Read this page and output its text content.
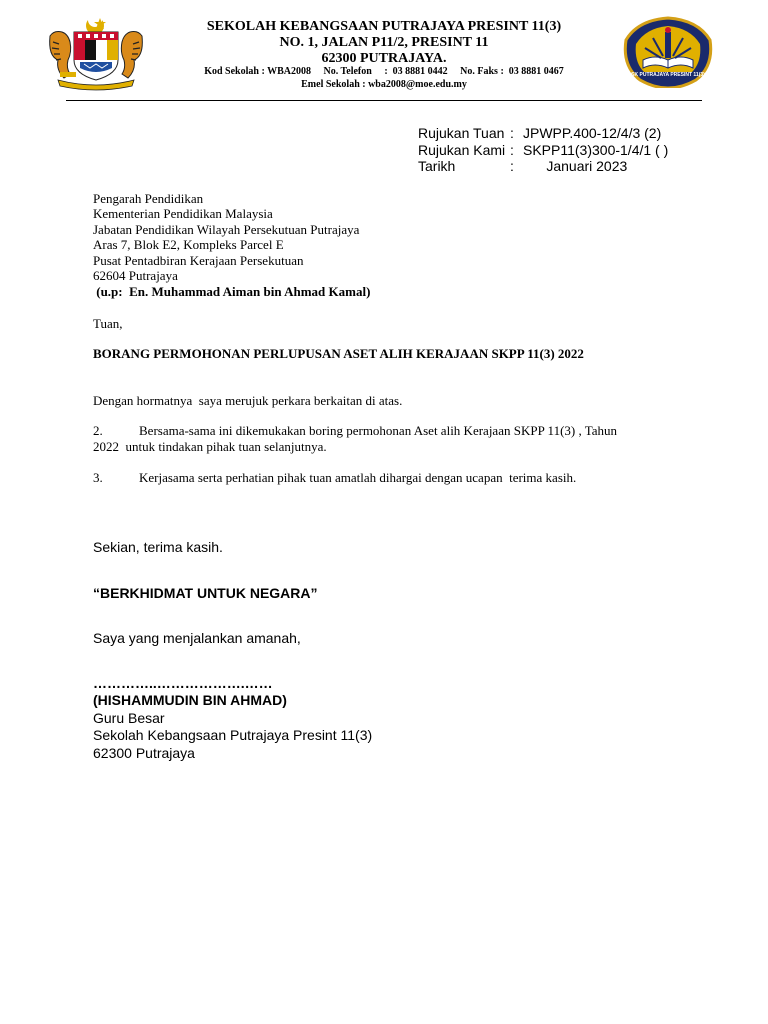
SEKOLAH KEBANGSAAN PUTRAJAYA PRESINT 11(3)
NO. 1, JALAN P11/2, PRESINT 11
62300 PUTRAJAYA.
Kod Sekolah : WBA2008     No. Telefon     :  03 8881 0442     No. Faks :  03 8881 0467
Emel Sekolah : wba2008@moe.edu.my
SK PUTRAJAYA PRESINT 11(3)
Rujukan Tuan : JPWPP.400-12/4/3 (2)
Rujukan Kami : SKPP11(3)300-1/4/1 ( )
Tarikh	: Januari 2023
Pengarah Pendidikan
Kementerian Pendidikan Malaysia
Jabatan Pendidikan Wilayah Persekutuan Putrajaya
Aras 7, Blok E2, Kompleks Parcel E
Pusat Pentadbiran Kerajaan Persekutuan
62604 Putrajaya
(u.p:  En. Muhammad Aiman bin Ahmad Kamal)
Tuan,
BORANG PERMOHONAN PERLUPUSAN ASET ALIH KERAJAAN SKPP 11(3) 2022
Dengan hormatnya  saya merujuk perkara berkaitan di atas.
2.	Bersama-sama ini dikemukakan boring permohonan Aset alih Kerajaan SKPP 11(3) , Tahun
2022  untuk tindakan pihak tuan selanjutnya.
3.	Kerjasama serta perhatian pihak tuan amatlah dihargai dengan ucapan  terima kasih.
Sekian, terima kasih.
“BERKHIDMAT UNTUK NEGARA”
Saya yang menjalankan amanah,
…………..……………….……
(HISHAMMUDIN BIN AHMAD)
Guru Besar
Sekolah Kebangsaan Putrajaya Presint 11(3)
62300 Putrajaya
